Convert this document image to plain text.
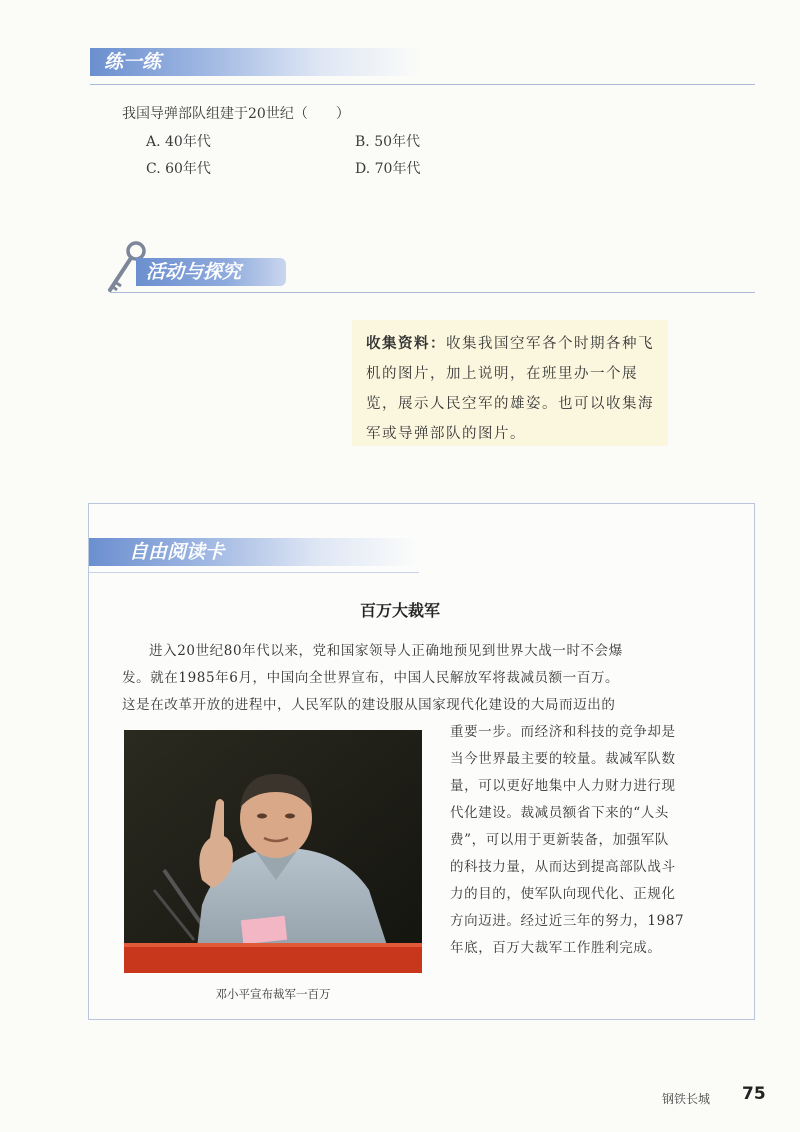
练一练
我国导弹部队组建于20世纪（　　）
A. 40年代	B. 50年代
C. 60年代	D. 70年代
活动与探究
收集资料：收集我国空军各个时期各种飞机的图片，加上说明，在班里办一个展览，展示人民空军的雄姿。也可以收集海军或导弹部队的图片。
自由阅读卡
百万大裁军
进入20世纪80年代以来，党和国家领导人正确地预见到世界大战一时不会爆
发。就在1985年6月，中国向全世界宣布，中国人民解放军将裁减员额一百万。
这是在改革开放的进程中，人民军队的建设服从国家现代化建设的大局而迈出的
重要一步。而经济和科技的竞争却是
当今世界最主要的较量。裁减军队数
量，可以更好地集中人力财力进行现
代化建设。裁减员额省下来的“人头
费”，可以用于更新装备，加强军队
的科技力量，从而达到提高部队战斗
力的目的，使军队向现代化、正规化
方向迈进。经过近三年的努力，1987
年底，百万大裁军工作胜利完成。
邓小平宣布裁军一百万
钢铁长城 75
